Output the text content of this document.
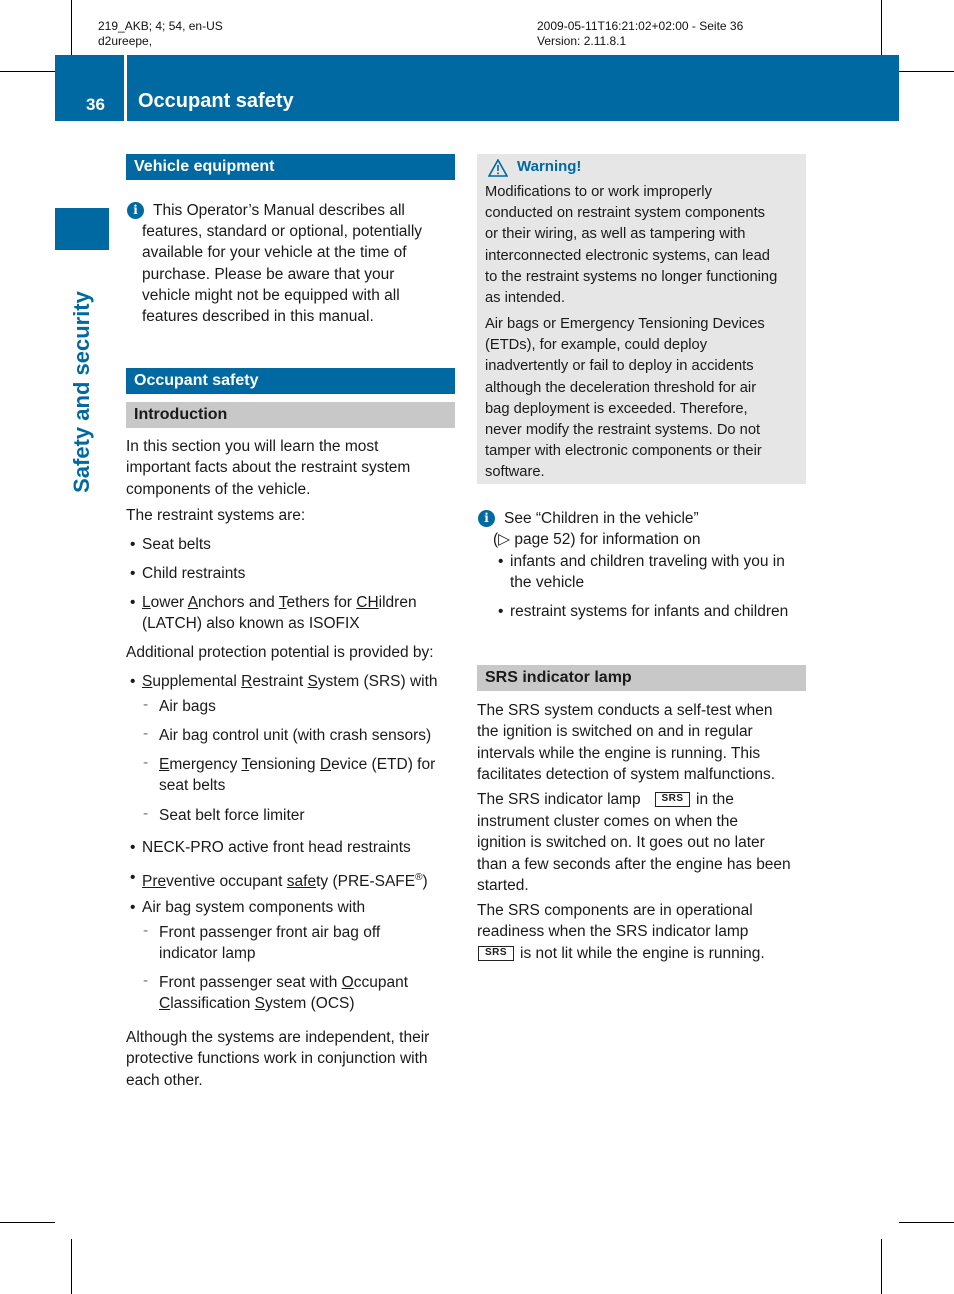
219_AKB; 4; 54, en-US
d2ureepe,
2009-05-11T16:21:02+02:00 - Seite 36
Version: 2.11.8.1
36 Occupant safety
Safety and security
Vehicle equipment
i This Operator’s Manual describes all

features, standard or optional, potentially

available for your vehicle at the time of

purchase. Please be aware that your

vehicle might not be equipped with all

features described in this manual.

Occupant safety
Introduction

In this section you will learn the most

important facts about the restraint system

components of the vehicle.

The restraint systems are:
• Seat belts
• Child restraints
• Lower Anchors and Tethers for CHildren

(LATCH) also known as ISOFIX

Additional protection potential is provided by:
• Supplemental Restraint System (SRS) with

- Air bags
- Air bag control unit (with crash sensors)
- Emergency Tensioning Device (ETD) for

seat belts

- Seat belt force limiter
• NECK-PRO active front head restraints
• Preventive occupant safety (PRE-SAFE®)

• Air bag system components with
- Front passenger front air bag off

indicator lamp

- Front passenger seat with Occupant

Classification System (OCS)

Although the systems are independent, their

protective functions work in conjunction with

each other.

Warning!

Modifications to or work improperly

conducted on restraint system components

or their wiring, as well as tampering with

interconnected electronic systems, can lead

to the restraint systems no longer functioning

as intended.

Air bags or Emergency Tensioning Devices

(ETDs), for example, could deploy

inadvertently or fail to deploy in accidents

although the deceleration threshold for air

bag deployment is exceeded. Therefore,

never modify the restraint systems. Do not

tamper with electronic components or their

software.

i See “Children in the vehicle”
(▷ page 52) for information on
• infants and children traveling with you in

the vehicle

• restraint systems for infants and children
SRS indicator lamp

The SRS system conducts a self-test when

the ignition is switched on and in regular

intervals while the engine is running. This

facilitates detection of system malfunctions.

The SRS indicator lamp	SRS in the

instrument cluster comes on when the

ignition is switched on. It goes out no later

than a few seconds after the engine has been

started.

The SRS components are in operational

readiness when the SRS indicator lamp

SRS is not lit while the engine is running.
